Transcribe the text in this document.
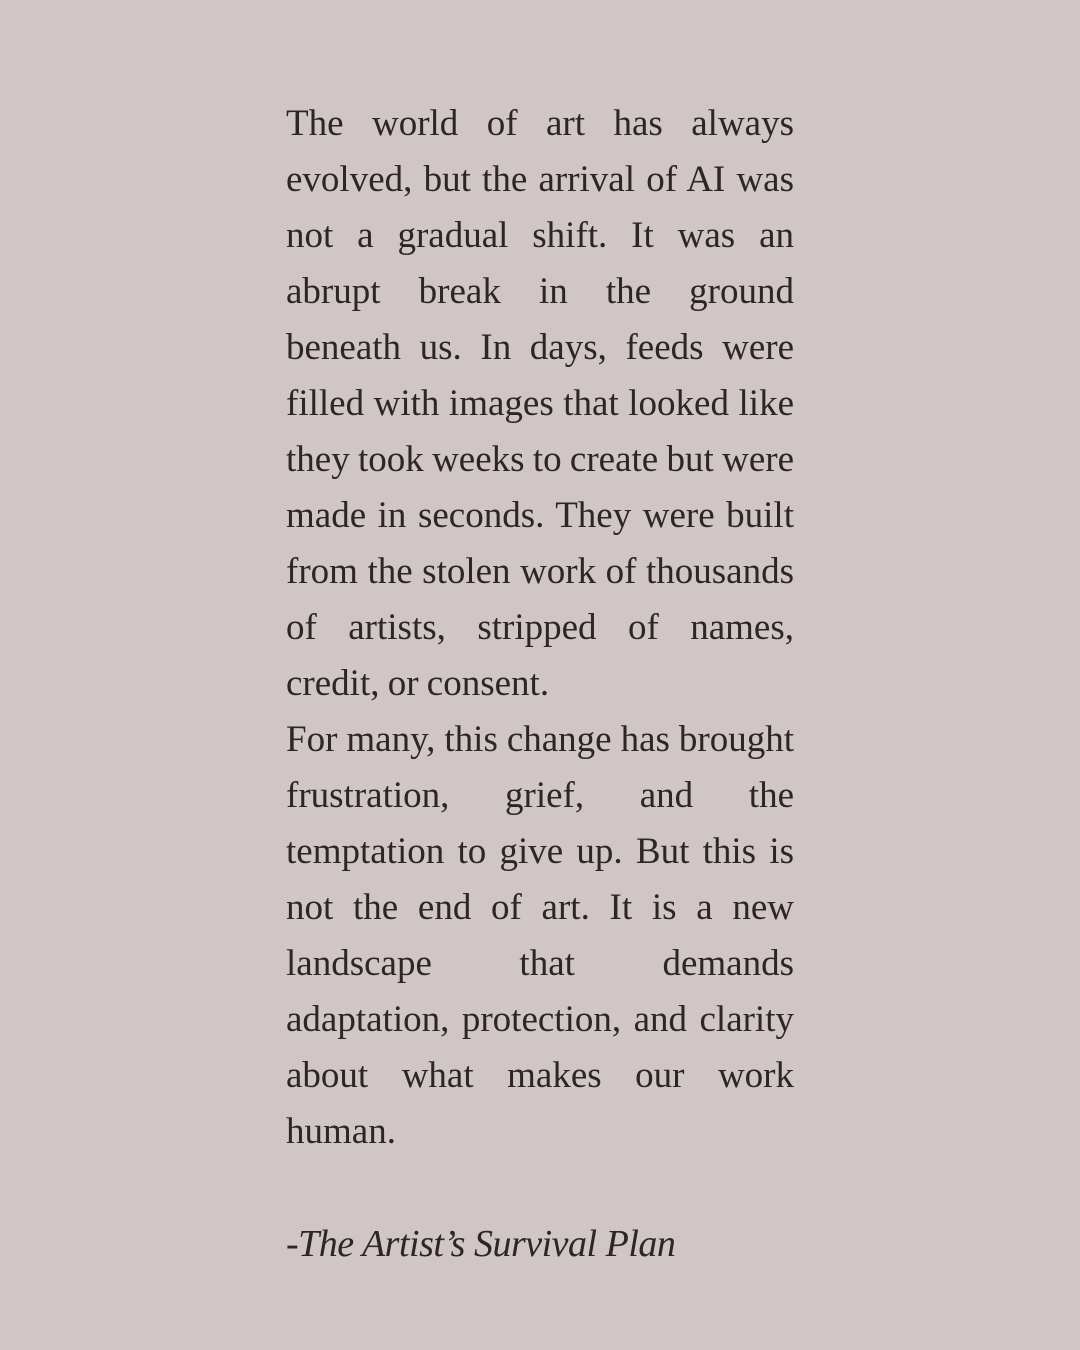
The world of art has always evolved, but the arrival of AI was not a gradual shift. It was an abrupt break in the ground beneath us. In days, feeds were filled with images that looked like they took weeks to create but were made in seconds. They were built from the stolen work of thousands of artists, stripped of names, credit, or consent.

For many, this change has brought frustration, grief, and the temptation to give up. But this is not the end of art. It is a new landscape that demands adaptation, protection, and clarity about what makes our work human.

-The Artist’s Survival Plan
